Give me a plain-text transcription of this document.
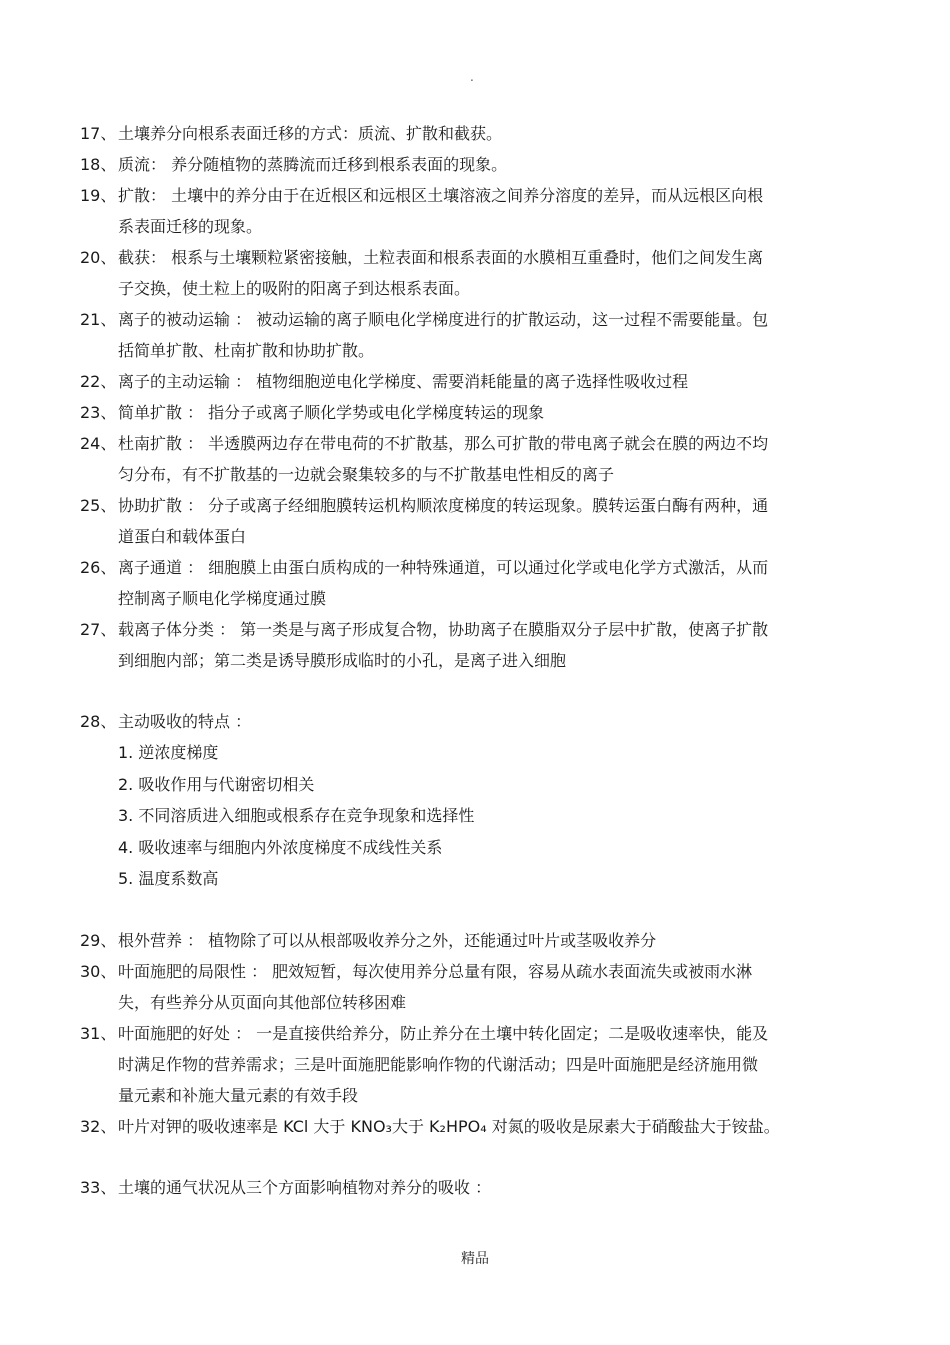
.
17、 土壤养分向根系表面迁移的方式：质流、扩散和截获。
18、 质流： 养分随植物的蒸腾流而迁移到根系表面的现象。
19、 扩散： 土壤中的养分由于在近根区和远根区土壤溶液之间养分溶度的差异，而从远根区向根
系表面迁移的现象。
20、 截获： 根系与土壤颗粒紧密接触，土粒表面和根系表面的水膜相互重叠时，他们之间发生离
子交换，使土粒上的吸附的阳离子到达根系表面。
21、 离子的被动运输 ： 被动运输的离子顺电化学梯度进行的扩散运动，这一过程不需要能量。包
括简单扩散、杜南扩散和协助扩散。
22、 离子的主动运输 ： 植物细胞逆电化学梯度、需要消耗能量的离子选择性吸收过程
23、 简单扩散 ： 指分子或离子顺化学势或电化学梯度转运的现象
24、 杜南扩散 ： 半透膜两边存在带电荷的不扩散基，那么可扩散的带电离子就会在膜的两边不均
匀分布，有不扩散基的一边就会聚集较多的与不扩散基电性相反的离子
25、 协助扩散 ： 分子或离子经细胞膜转运机构顺浓度梯度的转运现象。膜转运蛋白酶有两种，通
道蛋白和载体蛋白
26、 离子通道 ： 细胞膜上由蛋白质构成的一种特殊通道，可以通过化学或电化学方式激活，从而
控制离子顺电化学梯度通过膜
27、 载离子体分类 ： 第一类是与离子形成复合物，协助离子在膜脂双分子层中扩散，使离子扩散
到细胞内部；第二类是诱导膜形成临时的小孔，是离子进入细胞
28、 主动吸收的特点 ：
1. 逆浓度梯度
2. 吸收作用与代谢密切相关
3. 不同溶质进入细胞或根系存在竞争现象和选择性
4. 吸收速率与细胞内外浓度梯度不成线性关系
5. 温度系数高
29、 根外营养 ： 植物除了可以从根部吸收养分之外，还能通过叶片或茎吸收养分
30、 叶面施肥的局限性 ： 肥效短暂，每次使用养分总量有限，容易从疏水表面流失或被雨水淋
失，有些养分从页面向其他部位转移困难
31、 叶面施肥的好处 ： 一是直接供给养分，防止养分在土壤中转化固定；二是吸收速率快，能及
时满足作物的营养需求；三是叶面施肥能影响作物的代谢活动；四是叶面施肥是经济施用微
量元素和补施大量元素的有效手段
32、 叶片对钾的吸收速率是 KCl 大于 KNO₃大于 K₂HPO₄ 对氮的吸收是尿素大于硝酸盐大于铵盐。
33、 土壤的通气状况从三个方面影响植物对养分的吸收 ：
精品
